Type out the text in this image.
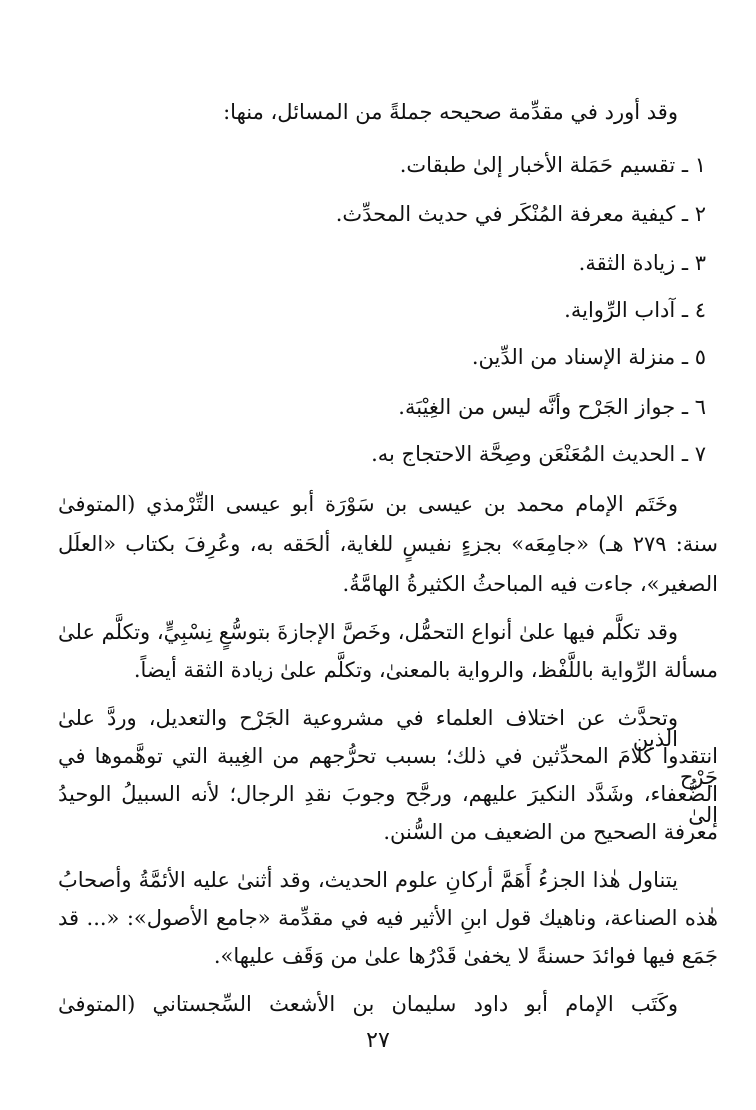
وقد أورد في مقدِّمة صحيحه جملةً من المسائل، منها:
١ ـ تقسيم حَمَلة الأخبار إلىٰ طبقات.
٢ ـ كيفية معرفة المُنْكَر في حديث المحدِّث.
٣ ـ زيادة الثقة.
٤ ـ آداب الرِّواية.
٥ ـ منزلة الإسناد من الدِّين.
٦ ـ جواز الجَرْح وأنَّه ليس من الغِيْبَة.
٧ ـ الحديث المُعَنْعَن وصِحَّة الاحتجاج به.
وخَتَم الإمام محمد بن عيسى بن سَوْرَة أبو عيسى التِّرْمذي (المتوفىٰ
سنة: ٢٧٩ هـ) «جامِعَه» بجزءٍ نفيسٍ للغاية، ألحَقه به، وعُرِفَ بكتاب «العلَل
الصغير»، جاءت فيه المباحثُ الكثيرةُ الهامَّةُ.
وقد تكلَّم فيها علىٰ أنواع التحمُّل، وخَصَّ الإجازةَ بتوسُّعٍ نِسْبِيٍّ، وتكلَّم علىٰ
مسألة الرِّواية باللَّفْظ، والرواية بالمعنىٰ، وتكلَّم علىٰ زيادة الثقة أيضاً.
وتحدَّث عن اختلاف العلماء في مشروعية الجَرْح والتعديل، وردَّ علىٰ الذين
انتقدوا كلامَ المحدِّثين في ذلك؛ بسبب تحرُّجهم من الغِيبة التي توهَّموها في جَرْح
الضُّعفاء، وشَدَّد النكيرَ عليهم، ورجَّح وجوبَ نقدِ الرجال؛ لأنه السبيلُ الوحيدُ إلىٰ
معرفة الصحيح من الضعيف من السُّنن.
يتناول هٰذا الجزءُ أَهَمَّ أركانِ علوم الحديث، وقد أثنىٰ عليه الأئمَّةُ وأصحابُ
هٰذه الصناعة، وناهيك قول ابنِ الأثير فيه في مقدِّمة «جامع الأصول»: «... قد
جَمَع فيها فوائدَ حسنةً لا يخفىٰ قَدْرُها علىٰ من وَقَف عليها».
وكَتَب الإمام أبو داود سليمان بن الأشعث السِّجستاني (المتوفىٰ
٢٧
